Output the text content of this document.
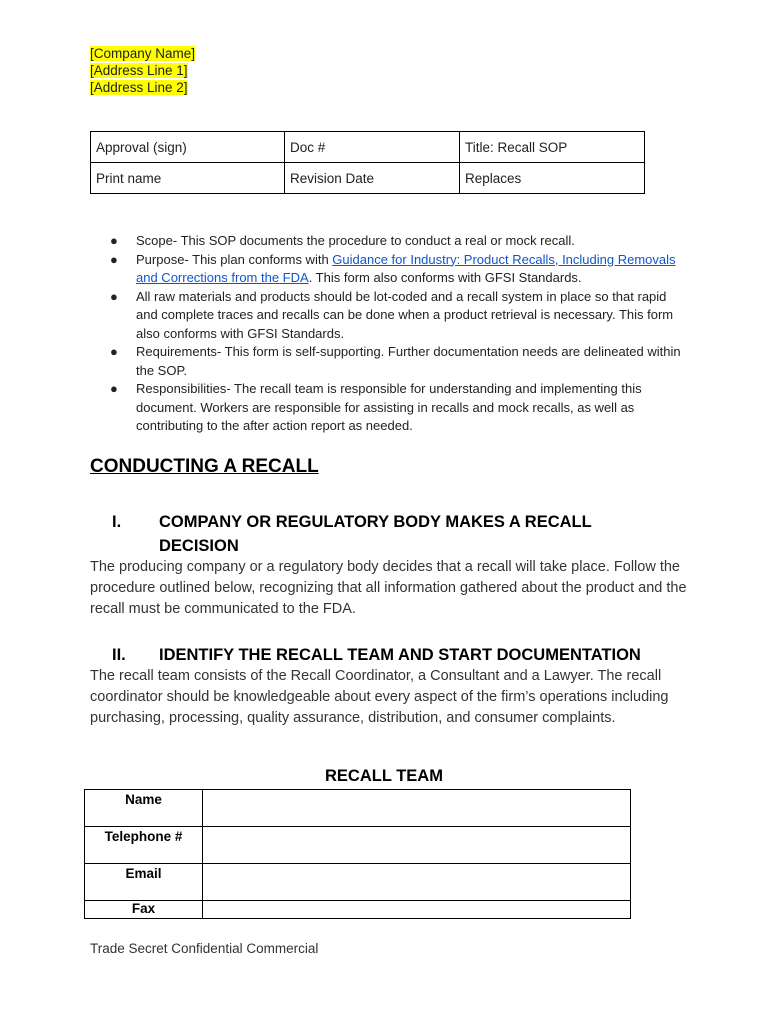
[Company Name]
[Address Line 1]
[Address Line 2]
Approval (sign)	Doc #	Title: Recall SOP
Print name	Revision Date	Replaces
● Scope- This SOP documents the procedure to conduct a real or mock recall.
● Purpose- This plan conforms with Guidance for Industry: Product Recalls, Including Removals and Corrections from the FDA. This form also conforms with GFSI Standards.
● All raw materials and products should be lot-coded and a recall system in place so that rapid and complete traces and recalls can be done when a product retrieval is necessary. This form also conforms with GFSI Standards.
● Requirements- This form is self-supporting. Further documentation needs are delineated within the SOP.
● Responsibilities- The recall team is responsible for understanding and implementing this document. Workers are responsible for assisting in recalls and mock recalls, as well as contributing to the after action report as needed.
CONDUCTING A RECALL
I. COMPANY OR REGULATORY BODY MAKES A RECALL DECISION
The producing company or a regulatory body decides that a recall will take place. Follow the procedure outlined below, recognizing that all information gathered about the product and the recall must be communicated to the FDA.
II. IDENTIFY THE RECALL TEAM AND START DOCUMENTATION
The recall team consists of the Recall Coordinator, a Consultant and a Lawyer. The recall coordinator should be knowledgeable about every aspect of the firm’s operations including purchasing, processing, quality assurance, distribution, and consumer complaints.
RECALL TEAM
Name	
Telephone #	
Email	
Fax	
Trade Secret Confidential Commercial
